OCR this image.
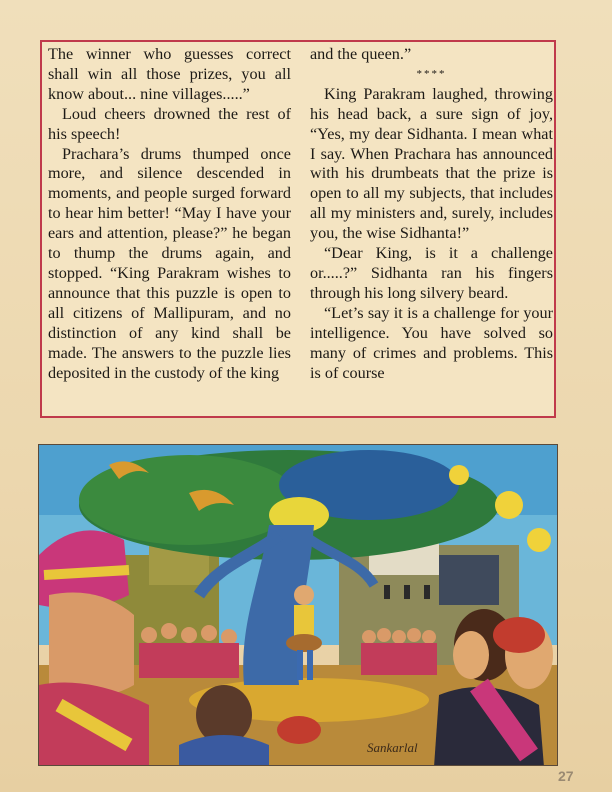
The winner who guesses correct shall win all those prizes, you all know about... nine villages.....”

Loud cheers drowned the rest of his speech!

Prachara’s drums thumped once more, and silence descended in moments, and people surged forward to hear him better! “May I have your ears and attention, please?” he began to thump the drums again, and stopped. “King Parakram wishes to announce that this puzzle is open to all citizens of Mallipuram, and no distinction of any kind shall be made. The answers to the puzzle lies deposited in the custody of the king

and the queen.”

****

King Parakram laughed, throwing his head back, a sure sign of joy, “Yes, my dear Sidhanta. I mean what I say. When Prachara has announced with his drumbeats that the prize is open to all my subjects, that includes all my ministers and, surely, includes you, the wise Sidhanta!”

“Dear King, is it a challenge or.....?” Sidhanta ran his fingers through his long silvery beard.

“Let’s say it is a challenge for your intelligence. You have solved so many of crimes and problems. This is of course

Sankarlal
27
